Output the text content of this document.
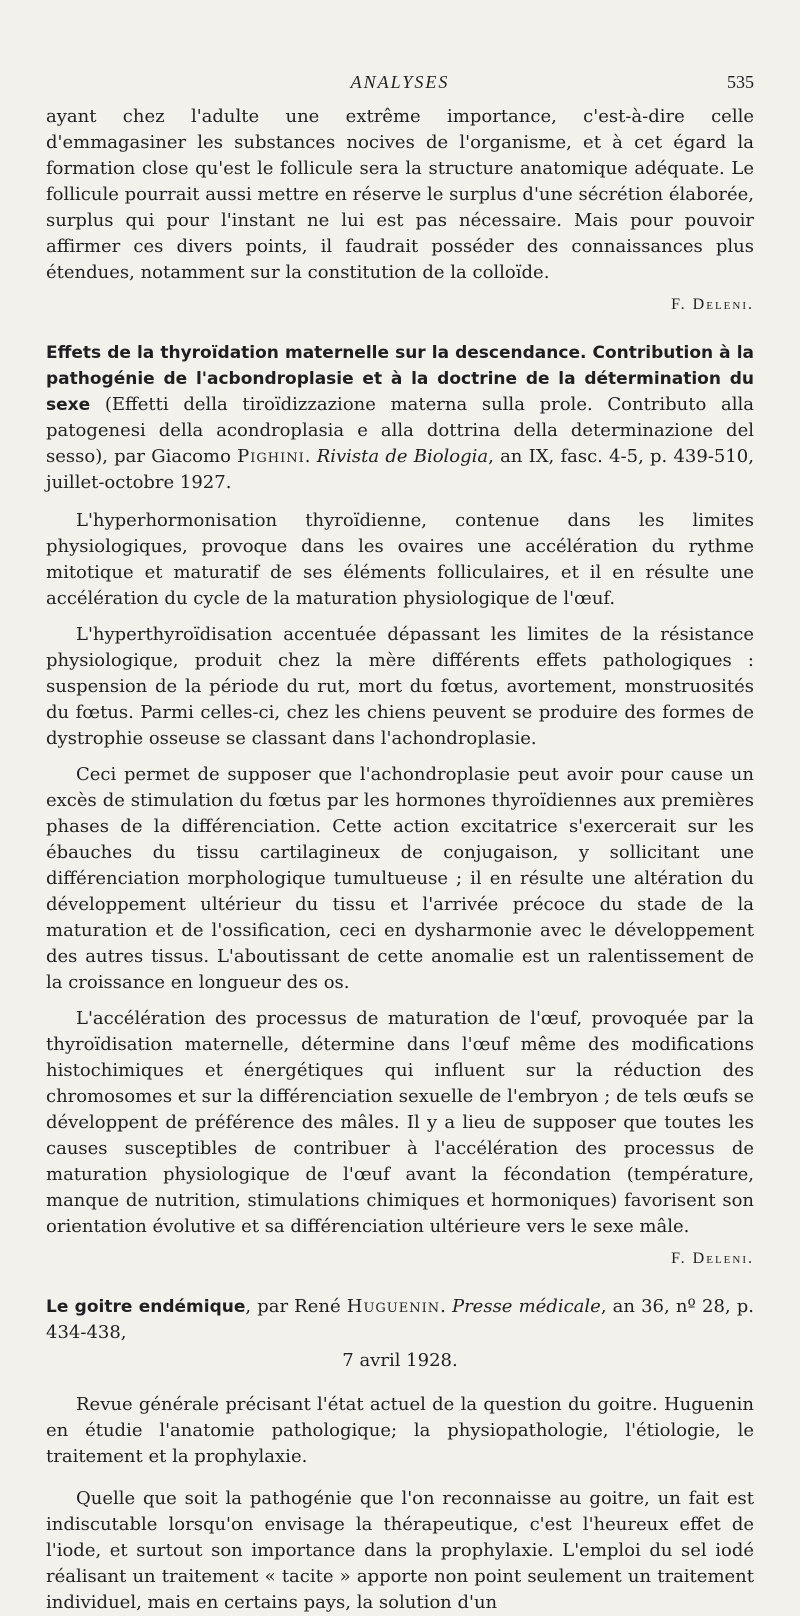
ANALYSES	535

ayant chez l'adulte une extrême importance, c'est-à-dire celle d'emmagasiner les substances nocives de l'organisme, et à cet égard la formation close qu'est le follicule sera la structure anatomique adéquate. Le follicule pourrait aussi mettre en réserve le surplus d'une sécrétion élaborée, surplus qui pour l'instant ne lui est pas nécessaire. Mais pour pouvoir affirmer ces divers points, il faudrait posséder des connaissances plus étendues, notamment sur la constitution de la colloïde.

F. Deleni.
Effets de la thyroïdation maternelle sur la descendance. Contribution à la pathogénie de l'acbondroplasie et à la doctrine de la détermination du sexe (Effetti della tiroïdizzazione materna sulla prole. Contributo alla patogenesi della acondroplasia e alla dottrina della determinazione del sesso), par Giacomo Pighini. Rivista de Biologia, an IX, fasc. 4-5, p. 439-510, juillet-octobre 1927.

L'hyperhormonisation thyroïdienne, contenue dans les limites physiologiques, provoque dans les ovaires une accélération du rythme mitotique et maturatif de ses éléments folliculaires, et il en résulte une accélération du cycle de la maturation physiologique de l'œuf.

L'hyperthyroïdisation accentuée dépassant les limites de la résistance physiologique, produit chez la mère différents effets pathologiques : suspension de la période du rut, mort du fœtus, avortement, monstruosités du fœtus. Parmi celles-ci, chez les chiens peuvent se produire des formes de dystrophie osseuse se classant dans l'achondroplasie.

Ceci permet de supposer que l'achondroplasie peut avoir pour cause un excès de stimulation du fœtus par les hormones thyroïdiennes aux premières phases de la différenciation. Cette action excitatrice s'exercerait sur les ébauches du tissu cartilagineux de conjugaison, y sollicitant une différenciation morphologique tumultueuse ; il en résulte une altération du développement ultérieur du tissu et l'arrivée précoce du stade de la maturation et de l'ossification, ceci en dysharmonie avec le développement des autres tissus. L'aboutissant de cette anomalie est un ralentissement de la croissance en longueur des os.

L'accélération des processus de maturation de l'œuf, provoquée par la thyroïdisation maternelle, détermine dans l'œuf même des modifications histochimiques et énergétiques qui influent sur la réduction des chromosomes et sur la différenciation sexuelle de l'embryon ; de tels œufs se développent de préférence des mâles. Il y a lieu de supposer que toutes les causes susceptibles de contribuer à l'accélération des processus de maturation physiologique de l'œuf avant la fécondation (température, manque de nutrition, stimulations chimiques et hormoniques) favorisent son orientation évolutive et sa différenciation ultérieure vers le sexe mâle.

F. Deleni.
Le goitre endémique, par René Huguenin. Presse médicale, an 36, nº 28, p. 434-438,
7 avril 1928.

Revue générale précisant l'état actuel de la question du goitre. Huguenin en étudie l'anatomie pathologique; la physiopathologie, l'étiologie, le traitement et la prophylaxie.

Quelle que soit la pathogénie que l'on reconnaisse au goitre, un fait est indiscutable lorsqu'on envisage la thérapeutique, c'est l'heureux effet de l'iode, et surtout son importance dans la prophylaxie. L'emploi du sel iodé réalisant un traitement « tacite » apporte non point seulement un traitement individuel, mais en certains pays, la solution d'un
